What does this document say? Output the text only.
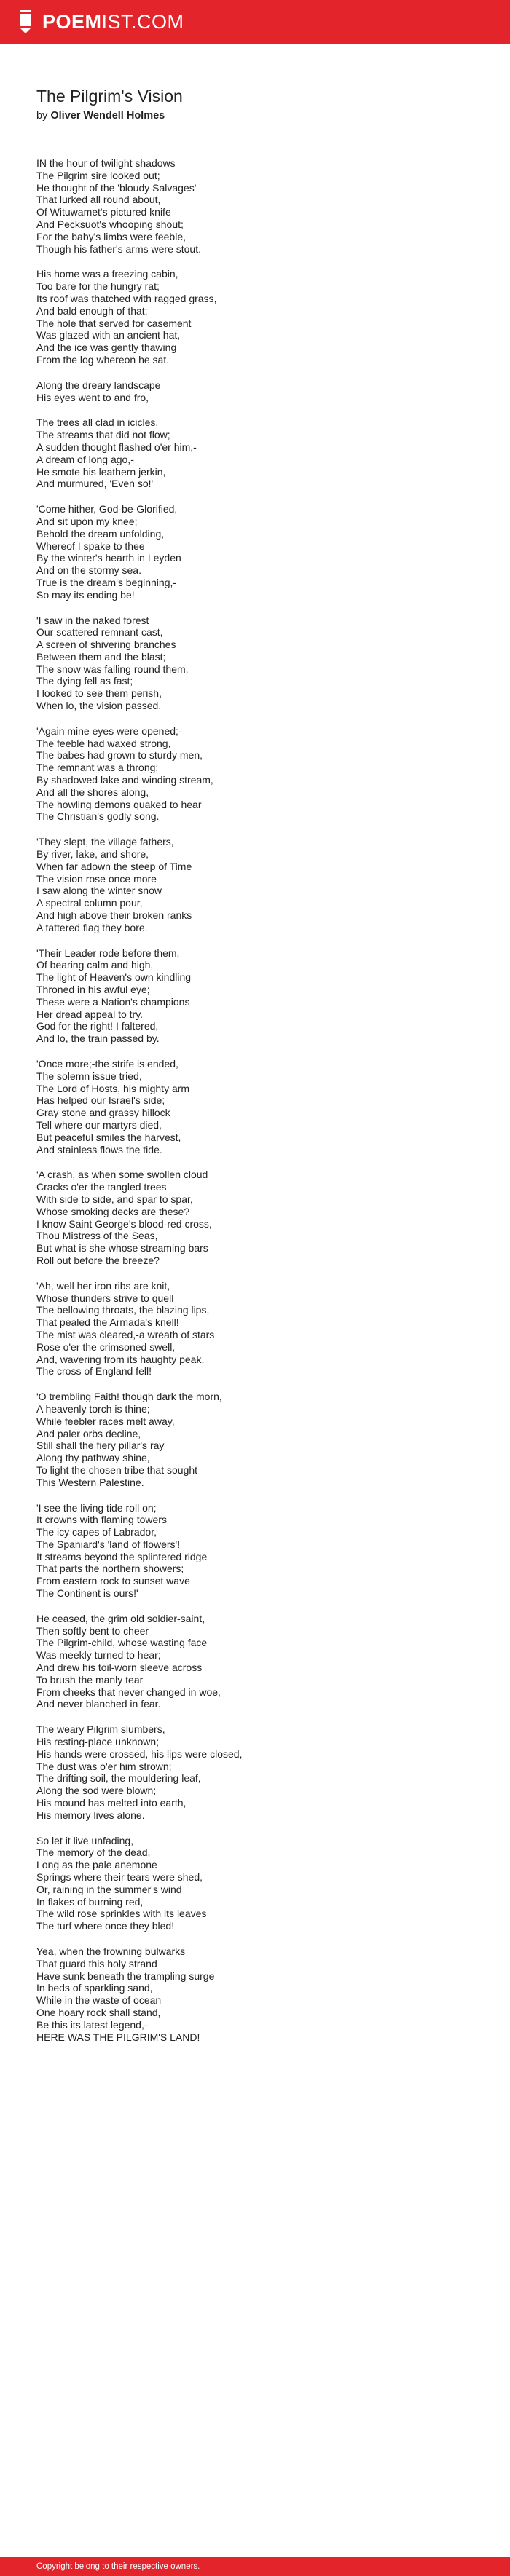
POEMIST.COM
The Pilgrim's Vision
by Oliver Wendell Holmes
IN the hour of twilight shadows
The Pilgrim sire looked out;
He thought of the 'bloudy Salvages'
That lurked all round about,
Of Wituwamet's pictured knife
And Pecksuot's whooping shout;
For the baby's limbs were feeble,
Though his father's arms were stout.
His home was a freezing cabin,
Too bare for the hungry rat;
Its roof was thatched with ragged grass,
And bald enough of that;
The hole that served for casement
Was glazed with an ancient hat,
And the ice was gently thawing
From the log whereon he sat.
Along the dreary landscape
His eyes went to and fro,
The trees all clad in icicles,
The streams that did not flow;
A sudden thought flashed o'er him,-
A dream of long ago,-
He smote his leathern jerkin,
And murmured, 'Even so!'
'Come hither, God-be-Glorified,
And sit upon my knee;
Behold the dream unfolding,
Whereof I spake to thee
By the winter's hearth in Leyden
And on the stormy sea.
True is the dream's beginning,-
So may its ending be!
'I saw in the naked forest
Our scattered remnant cast,
A screen of shivering branches
Between them and the blast;
The snow was falling round them,
The dying fell as fast;
I looked to see them perish,
When lo, the vision passed.
'Again mine eyes were opened;-
The feeble had waxed strong,
The babes had grown to sturdy men,
The remnant was a throng;
By shadowed lake and winding stream,
And all the shores along,
The howling demons quaked to hear
The Christian's godly song.
'They slept, the village fathers,
By river, lake, and shore,
When far adown the steep of Time
The vision rose once more
I saw along the winter snow
A spectral column pour,
And high above their broken ranks
A tattered flag they bore.
'Their Leader rode before them,
Of bearing calm and high,
The light of Heaven's own kindling
Throned in his awful eye;
These were a Nation's champions
Her dread appeal to try.
God for the right! I faltered,
And lo, the train passed by.
'Once more;-the strife is ended,
The solemn issue tried,
The Lord of Hosts, his mighty arm
Has helped our Israel's side;
Gray stone and grassy hillock
Tell where our martyrs died,
But peaceful smiles the harvest,
And stainless flows the tide.
'A crash, as when some swollen cloud
Cracks o'er the tangled trees
With side to side, and spar to spar,
Whose smoking decks are these?
I know Saint George's blood-red cross,
Thou Mistress of the Seas,
But what is she whose streaming bars
Roll out before the breeze?
'Ah, well her iron ribs are knit,
Whose thunders strive to quell
The bellowing throats, the blazing lips,
That pealed the Armada's knell!
The mist was cleared,-a wreath of stars
Rose o'er the crimsoned swell,
And, wavering from its haughty peak,
The cross of England fell!
'O trembling Faith! though dark the morn,
A heavenly torch is thine;
While feebler races melt away,
And paler orbs decline,
Still shall the fiery pillar's ray
Along thy pathway shine,
To light the chosen tribe that sought
This Western Palestine.
'I see the living tide roll on;
It crowns with flaming towers
The icy capes of Labrador,
The Spaniard's 'land of flowers'!
It streams beyond the splintered ridge
That parts the northern showers;
From eastern rock to sunset wave
The Continent is ours!'
He ceased, the grim old soldier-saint,
Then softly bent to cheer
The Pilgrim-child, whose wasting face
Was meekly turned to hear;
And drew his toil-worn sleeve across
To brush the manly tear
From cheeks that never changed in woe,
And never blanched in fear.
The weary Pilgrim slumbers,
His resting-place unknown;
His hands were crossed, his lips were closed,
The dust was o'er him strown;
The drifting soil, the mouldering leaf,
Along the sod were blown;
His mound has melted into earth,
His memory lives alone.
So let it live unfading,
The memory of the dead,
Long as the pale anemone
Springs where their tears were shed,
Or, raining in the summer's wind
In flakes of burning red,
The wild rose sprinkles with its leaves
The turf where once they bled!
Yea, when the frowning bulwarks
That guard this holy strand
Have sunk beneath the trampling surge
In beds of sparkling sand,
While in the waste of ocean
One hoary rock shall stand,
Be this its latest legend,-
HERE WAS THE PILGRIM'S LAND!
Copyright belong to their respective owners.
